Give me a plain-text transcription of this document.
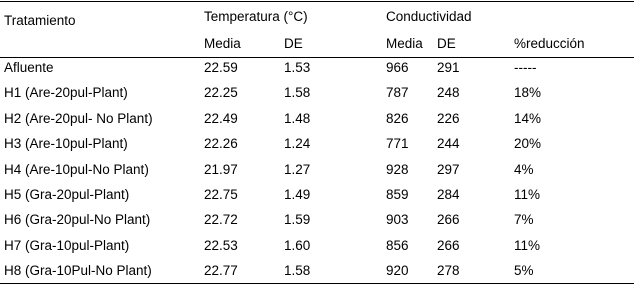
Tratamiento	Temperatura (°C)	Conductividad
Media	DE	Media DE	%reducción
Afluente	22.59	1.53	966 291	-----
H1 (Are-20pul-Plant)	22.25	1.58	787 248	18%
H2 (Are-20pul- No Plant)	22.49	1.48	826 226	14%
H3 (Are-10pul-Plant)	22.26	1.24	771 244	20%
H4 (Are-10pul-No Plant)	21.97	1.27	928 297	4%
H5 (Gra-20pul-Plant)	22.75	1.49	859 284	11%
H6 (Gra-20pul-No Plant)	22.72	1.59	903 266	7%
H7 (Gra-10pul-Plant)	22.53	1.60	856 266	11%
H8 (Gra-10Pul-No Plant)	22.77	1.58	920 278	5%
